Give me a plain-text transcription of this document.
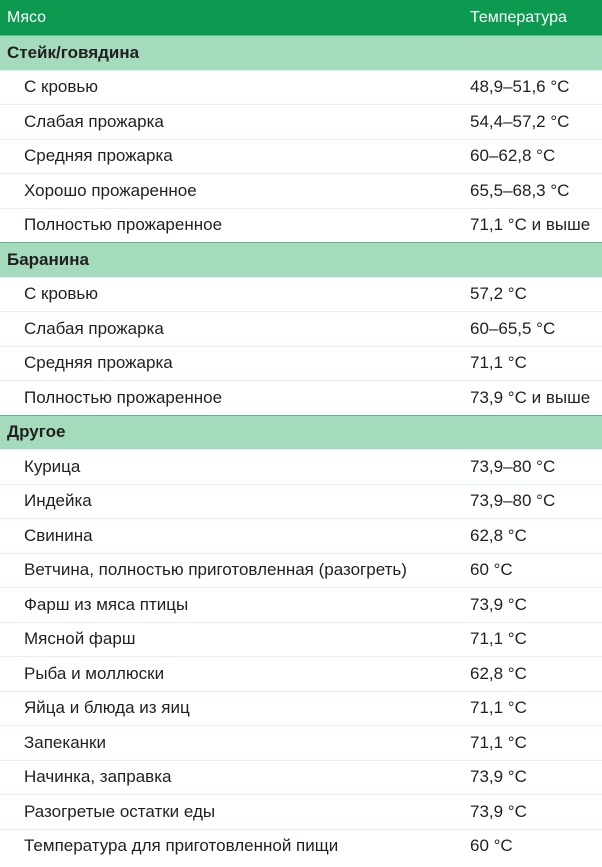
Мясо	Температура
Стейк/говядина
С кровью	48,9–51,6 °C
Слабая прожарка	54,4–57,2 °C
Средняя прожарка	60–62,8 °C
Хорошо прожаренное	65,5–68,3 °C
Полностью прожаренное	71,1 °C и выше
Баранина
С кровью	57,2 °C
Слабая прожарка	60–65,5 °C
Средняя прожарка	71,1 °C
Полностью прожаренное	73,9 °C и выше
Другое
Курица	73,9–80 °C
Индейка	73,9–80 °C
Свинина	62,8 °C
Ветчина, полностью приготовленная (разогреть)	60 °C
Фарш из мяса птицы	73,9 °C
Мясной фарш	71,1 °C
Рыба и моллюски	62,8 °C
Яйца и блюда из яиц	71,1 °C
Запеканки	71,1 °C
Начинка, заправка	73,9 °C
Разогретые остатки еды	73,9 °C
Температура для приготовленной пищи	60 °C
